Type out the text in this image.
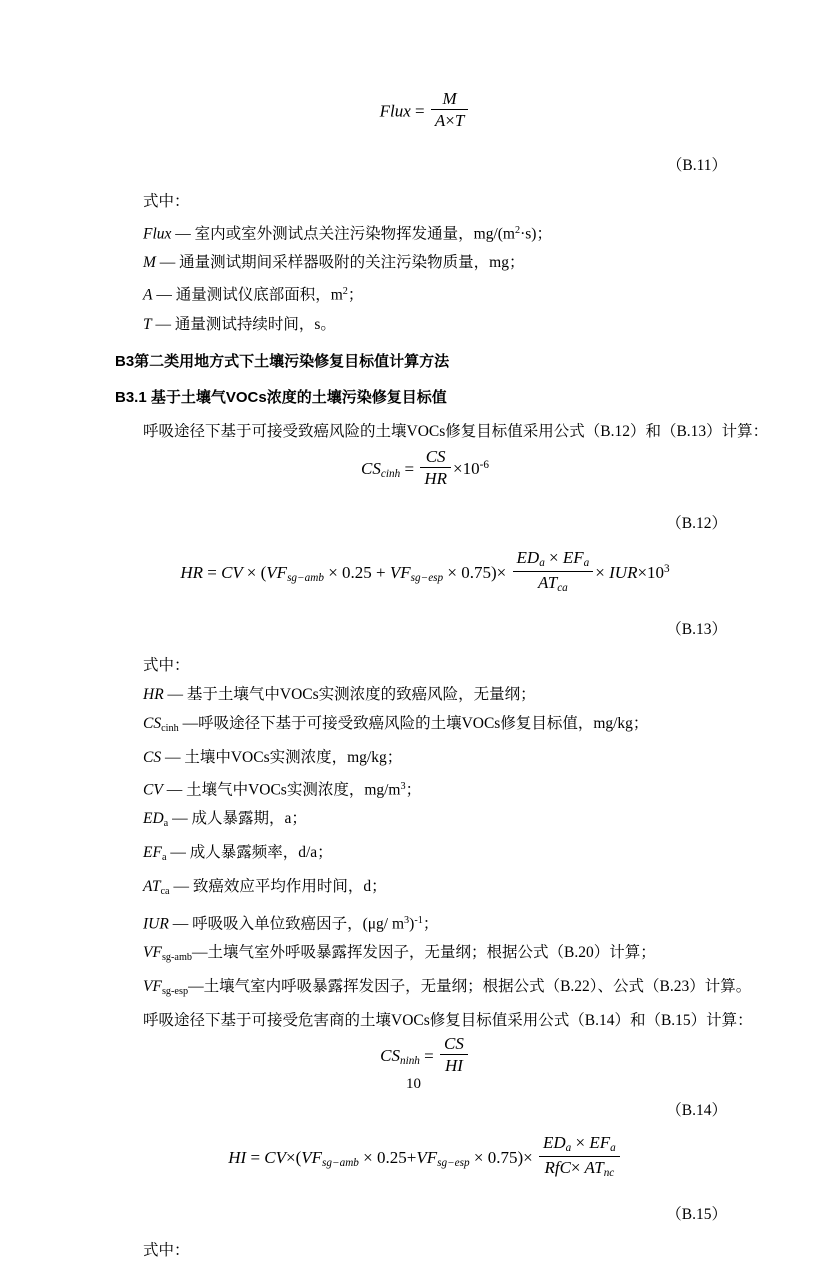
Flux = $\frac{M}{A\times T}$
（B.11）
式中：
Flux — 室内或室外测试点关注污染物挥发通量，$mg/(m^2\cdot s)$；
M — 通量测试期间采样器吸附的关注污染物质量，mg；
A — 通量测试仪底部面积，$m^2$；
T — 通量测试持续时间，s。
B3第二类用地方式下土壤污染修复目标值计算方法
B3.1 基于土壤气VOCs浓度的土壤污染修复目标值
呼吸途径下基于可接受致癌风险的土壤VOCs修复目标值采用公式（B.12）和（B.13）计算：
$CS_{cinh} = \frac{CS}{HR} \times 10^{-6}$
（B.12）
HR = CV × $(VF_{sg-amb} \times 0.25 + VF_{sg-esp} \times 0.75)\times \frac{ED_a \times EF_a}{AT_{ca}} \times IUR\times 10^3$
（B.13）
式中：
HR — 基于土壤气中VOCs实测浓度的致癌风险，无量纲；
$CS_{cinh}$ —呼吸途径下基于可接受致癌风险的土壤VOCs修复目标值，mg/kg；
CS — 土壤中VOCs实测浓度，mg/kg；
CV — 土壤气中VOCs实测浓度，$mg/m^3$；
$ED_a$ — 成人暴露期，a；
$EF_a$ — 成人暴露频率，d/a；
$AT_{ca}$ — 致癌效应平均作用时间，d；
IUR — 呼吸吸入单位致癌因子，(μg/ $m^3)^{-1}$；
$VF_{sg-amb}—$土壤气室外呼吸暴露挥发因子，无量纲；根据公式（B.20）计算；
$VF_{sg-esp}—$土壤气室内呼吸暴露挥发因子，无量纲；根据公式（B.22）、公式（B.23）计算。
呼吸途径下基于可接受危害商的土壤VOCs修复目标值采用公式（B.14）和（B.15）计算：
$CS_{ninh} = \frac{CS}{HI}$
（B.14）
HI = $CV\times(VF_{sg-amb} \times 0.25+VF_{sg-esp} \times 0.75)\times \frac{ED_a \times EF_a}{RfC\times AT_{nc}}$
（B.15）
式中：
10
